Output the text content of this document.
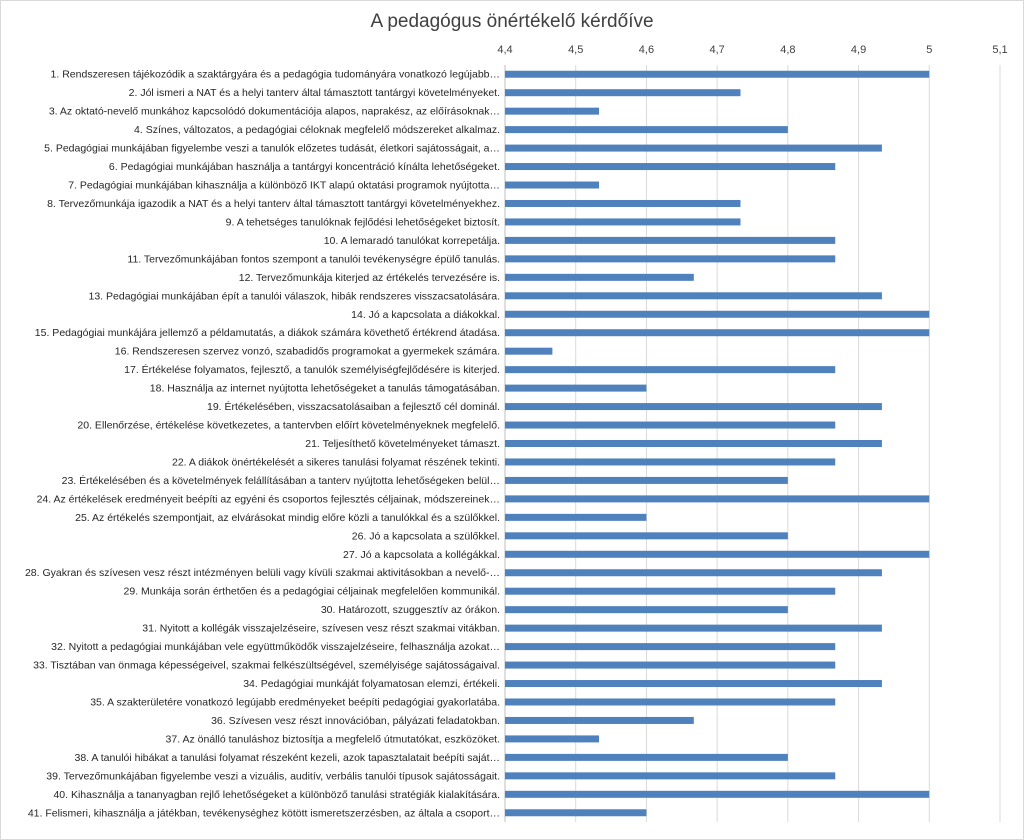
A pedagógus önértékelő kérdőíve
4,4	4,5	4,6	4,7	4,8	4,9	5	5,1
1. Rendszeresen tájékozódik a szaktárgyára és a pedagógia tudományára vonatkozó legújabb…
2. Jól ismeri a NAT és a helyi tanterv által támasztott tantárgyi követelményeket.
3. Az oktató-nevelő munkához kapcsolódó dokumentációja alapos, naprakész, az előírásoknak…
4. Színes, változatos, a pedagógiai céloknak megfelelő módszereket alkalmaz.
5. Pedagógiai munkájában figyelembe veszi a tanulók előzetes tudását, életkori sajátosságait, a…
6. Pedagógiai munkájában használja a tantárgyi koncentráció kínálta lehetőségeket.
7. Pedagógiai munkájában kihasználja a különböző IKT alapú oktatási programok nyújtotta…
8. Tervezőmunkája igazodik a NAT és a helyi tanterv által támasztott tantárgyi követelményekhez.
9. A tehetséges tanulóknak fejlődési lehetőségeket biztosít.
10. A lemaradó tanulókat korrepetálja.
11. Tervezőmunkájában fontos szempont a tanulói tevékenységre épülő tanulás.
12. Tervezőmunkája kiterjed az értékelés tervezésére is.
13. Pedagógiai munkájában épít a tanulói válaszok, hibák rendszeres visszacsatolására.
14. Jó a kapcsolata a diákokkal.
15. Pedagógiai munkájára jellemző a példamutatás, a diákok számára követhető értékrend átadása.
16. Rendszeresen szervez vonzó, szabadidős programokat a gyermekek számára.
17. Értékelése folyamatos, fejlesztő, a tanulók személyiségfejlődésére is kiterjed.
18. Használja az internet nyújtotta lehetőségeket a tanulás támogatásában.
19. Értékelésében, visszacsatolásaiban a fejlesztő cél dominál.
20. Ellenőrzése, értékelése következetes, a tantervben előírt követelményeknek megfelelő.
21. Teljesíthető követelményeket támaszt.
22. A diákok önértékelését a sikeres tanulási folyamat részének tekinti.
23. Értékelésében és a követelmények felállításában a tanterv nyújtotta lehetőségeken belül…
24. Az értékelések eredményeit beépíti az egyéni és csoportos fejlesztés céljainak, módszereinek…
25. Az értékelés szempontjait, az elvárásokat mindig előre közli a tanulókkal és a szülőkkel.
26. Jó a kapcsolata a szülőkkel.
27. Jó a kapcsolata a kollégákkal.
28. Gyakran és szívesen vesz részt intézményen belüli vagy kívüli szakmai aktivitásokban a nevelő-…
29. Munkája során érthetően és a pedagógiai céljainak megfelelően kommunikál.
30. Határozott, szuggesztív az órákon.
31. Nyitott a kollégák visszajelzéseire, szívesen vesz részt szakmai vitákban.
32. Nyitott a pedagógiai munkájában vele együttműködők visszajelzéseire, felhasználja azokat…
33. Tisztában van önmaga képességeivel, szakmai felkészültségével, személyisége sajátosságaival.
34. Pedagógiai munkáját folyamatosan elemzi, értékeli.
35. A szakterületére vonatkozó legújabb eredményeket beépíti pedagógiai gyakorlatába.
36. Szívesen vesz részt innovációban, pályázati feladatokban.
37. Az önálló tanuláshoz biztosítja a megfelelő útmutatókat, eszközöket.
38. A tanulói hibákat a tanulási folyamat részeként kezeli, azok tapasztalatait beépíti saját…
39. Tervezőmunkájában figyelembe veszi a vizuális, auditív, verbális tanulói típusok sajátosságait.
40. Kihasználja a tananyagban rejlő lehetőségeket a különböző tanulási stratégiák kialakítására.
41. Felismeri, kihasználja a játékban, tevékenységhez kötött ismeretszerzésben, az általa a csoport…
